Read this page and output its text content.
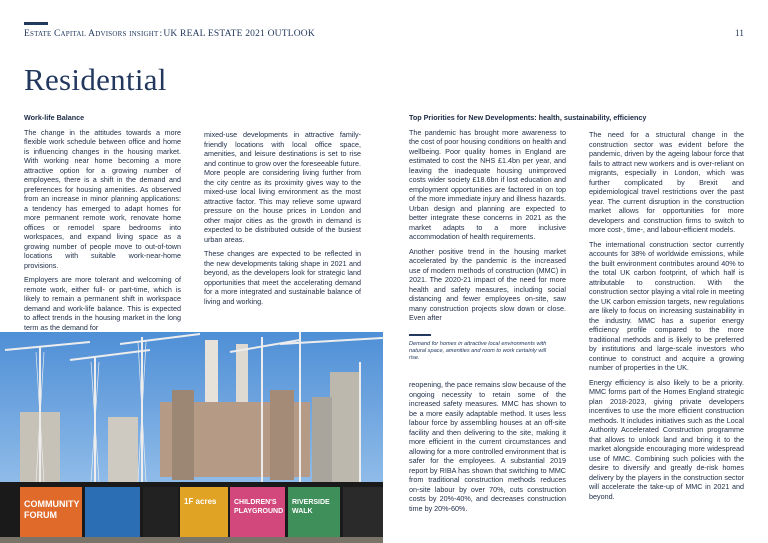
Estate Capital Advisors insight:UK REAL ESTATE 2021 OUTLOOK	11
Residential
Work-life Balance

The change in the attitudes towards a more flexible work schedule between office and home is influencing changes in the housing market. With working near home becoming a more attractive option for a growing number of employees, there is a shift in the demand and preferences for housing amenities. As observed from an increase in minor planning applications: a tendency has emerged to adapt homes for more permanent remote work, renovate home offices or remodel spare bedrooms into workspaces, and expand living space as a growing number of people move to out-of-town locations with suitable work-near-home provisions.

Employers are more tolerant and welcoming of remote work, either full- or part-time, which is likely to remain a permanent shift in workspace demand and work-life balance. This is expected to affect trends in the housing market in the long term as the demand for

mixed-use developments in attractive family-friendly locations with local office space, amenities, and leisure destinations is set to rise and continue to grow over the foreseeable future. More people are considering living further from the city centre as its proximity gives way to the mixed-use local living environment as the most attractive factor. This may relieve some upward pressure on the house prices in London and other major cities as the growth in demand is expected to be distributed outside of the busiest urban areas.

These changes are expected to be reflected in the new developments taking shape in 2021 and beyond, as the developers look for strategic land opportunities that meet the accelerating demand for a more integrated and sustainable balance of living and working.

Top Priorities for New Developments: health, sustainability, efficiency

The pandemic has brought more awareness to the cost of poor housing conditions on health and wellbeing. Poor quality homes in England are estimated to cost the NHS £1.4bn per year, and leaving the inadequate housing unimproved costs wider society £18.6bn if lost education and employment opportunities are factored in on top of the more immediate injury and illness hazards. Urban design and planning are expected to better integrate these concerns in 2021 as the market adapts to a more inclusive accommodation of health requirements.

Another positive trend in the housing market accelerated by the pandemic is the increased use of modern methods of construction (MMC) in 2021. The 2020-21 impact of the need for more health and safety measures, including social distancing and fewer employees on-site, saw many construction projects slow down or close. Even after

Demand for homes in attractive local environments with natural space, amenities and room to work certainly will rise.

reopening, the pace remains slow because of the ongoing necessity to retain some of the increased safety measures. MMC has shown to be a more easily adaptable method. It uses less labour force by assembling houses at an off-site facility and then delivering to the site, making it more efficient in the current circumstances and allowing for a more controlled environment that is safer for the employees. A substantial 2019 report by RIBA has shown that switching to MMC from traditional construction methods reduces on-site labour by over 70%, cuts construction costs by 20%-40%, and decreases construction time by 20%-60%.

The need for a structural change in the construction sector was evident before the pandemic, driven by the ageing labour force that fails to attract new workers and is over-reliant on migrants, especially in London, which was further complicated by Brexit and epidemiological travel restrictions over the past year. The current disruption in the construction market allows for opportunities for more developers and construction firms to switch to more cost-, time-, and labour-efficient models.

The international construction sector currently accounts for 38% of worldwide emissions, while the built environment contributes around 40% to the total UK carbon footprint, of which half is attributable to construction. With the construction sector playing a vital role in meeting the UK carbon emission targets, new regulations are likely to focus on increasing sustainability in the industry. MMC has a superior energy efficiency profile compared to the more traditional methods and is likely to be preferred by institutions and large-scale investors who continue to construct and acquire a growing number of properties in the UK.

Energy efficiency is also likely to be a priority. MMC forms part of the Homes England strategic plan 2018-2023, giving private developers incentives to use the more efficient construction methods. It includes initiatives such as the Local Authority Accelerated Construction programme that allows to unlock land and bring it to the market alongside encouraging more widespread use of MMC. Combining such policies with the desire to diversify and greatly de-risk homes delivery by the players in the construction sector will accelerate the take-up of MMC in 2021 and beyond.

COMMUNITY
FORUM
1F acres	CHILDREN'S
PLAYGROUND
RIVERSIDE
WALK
